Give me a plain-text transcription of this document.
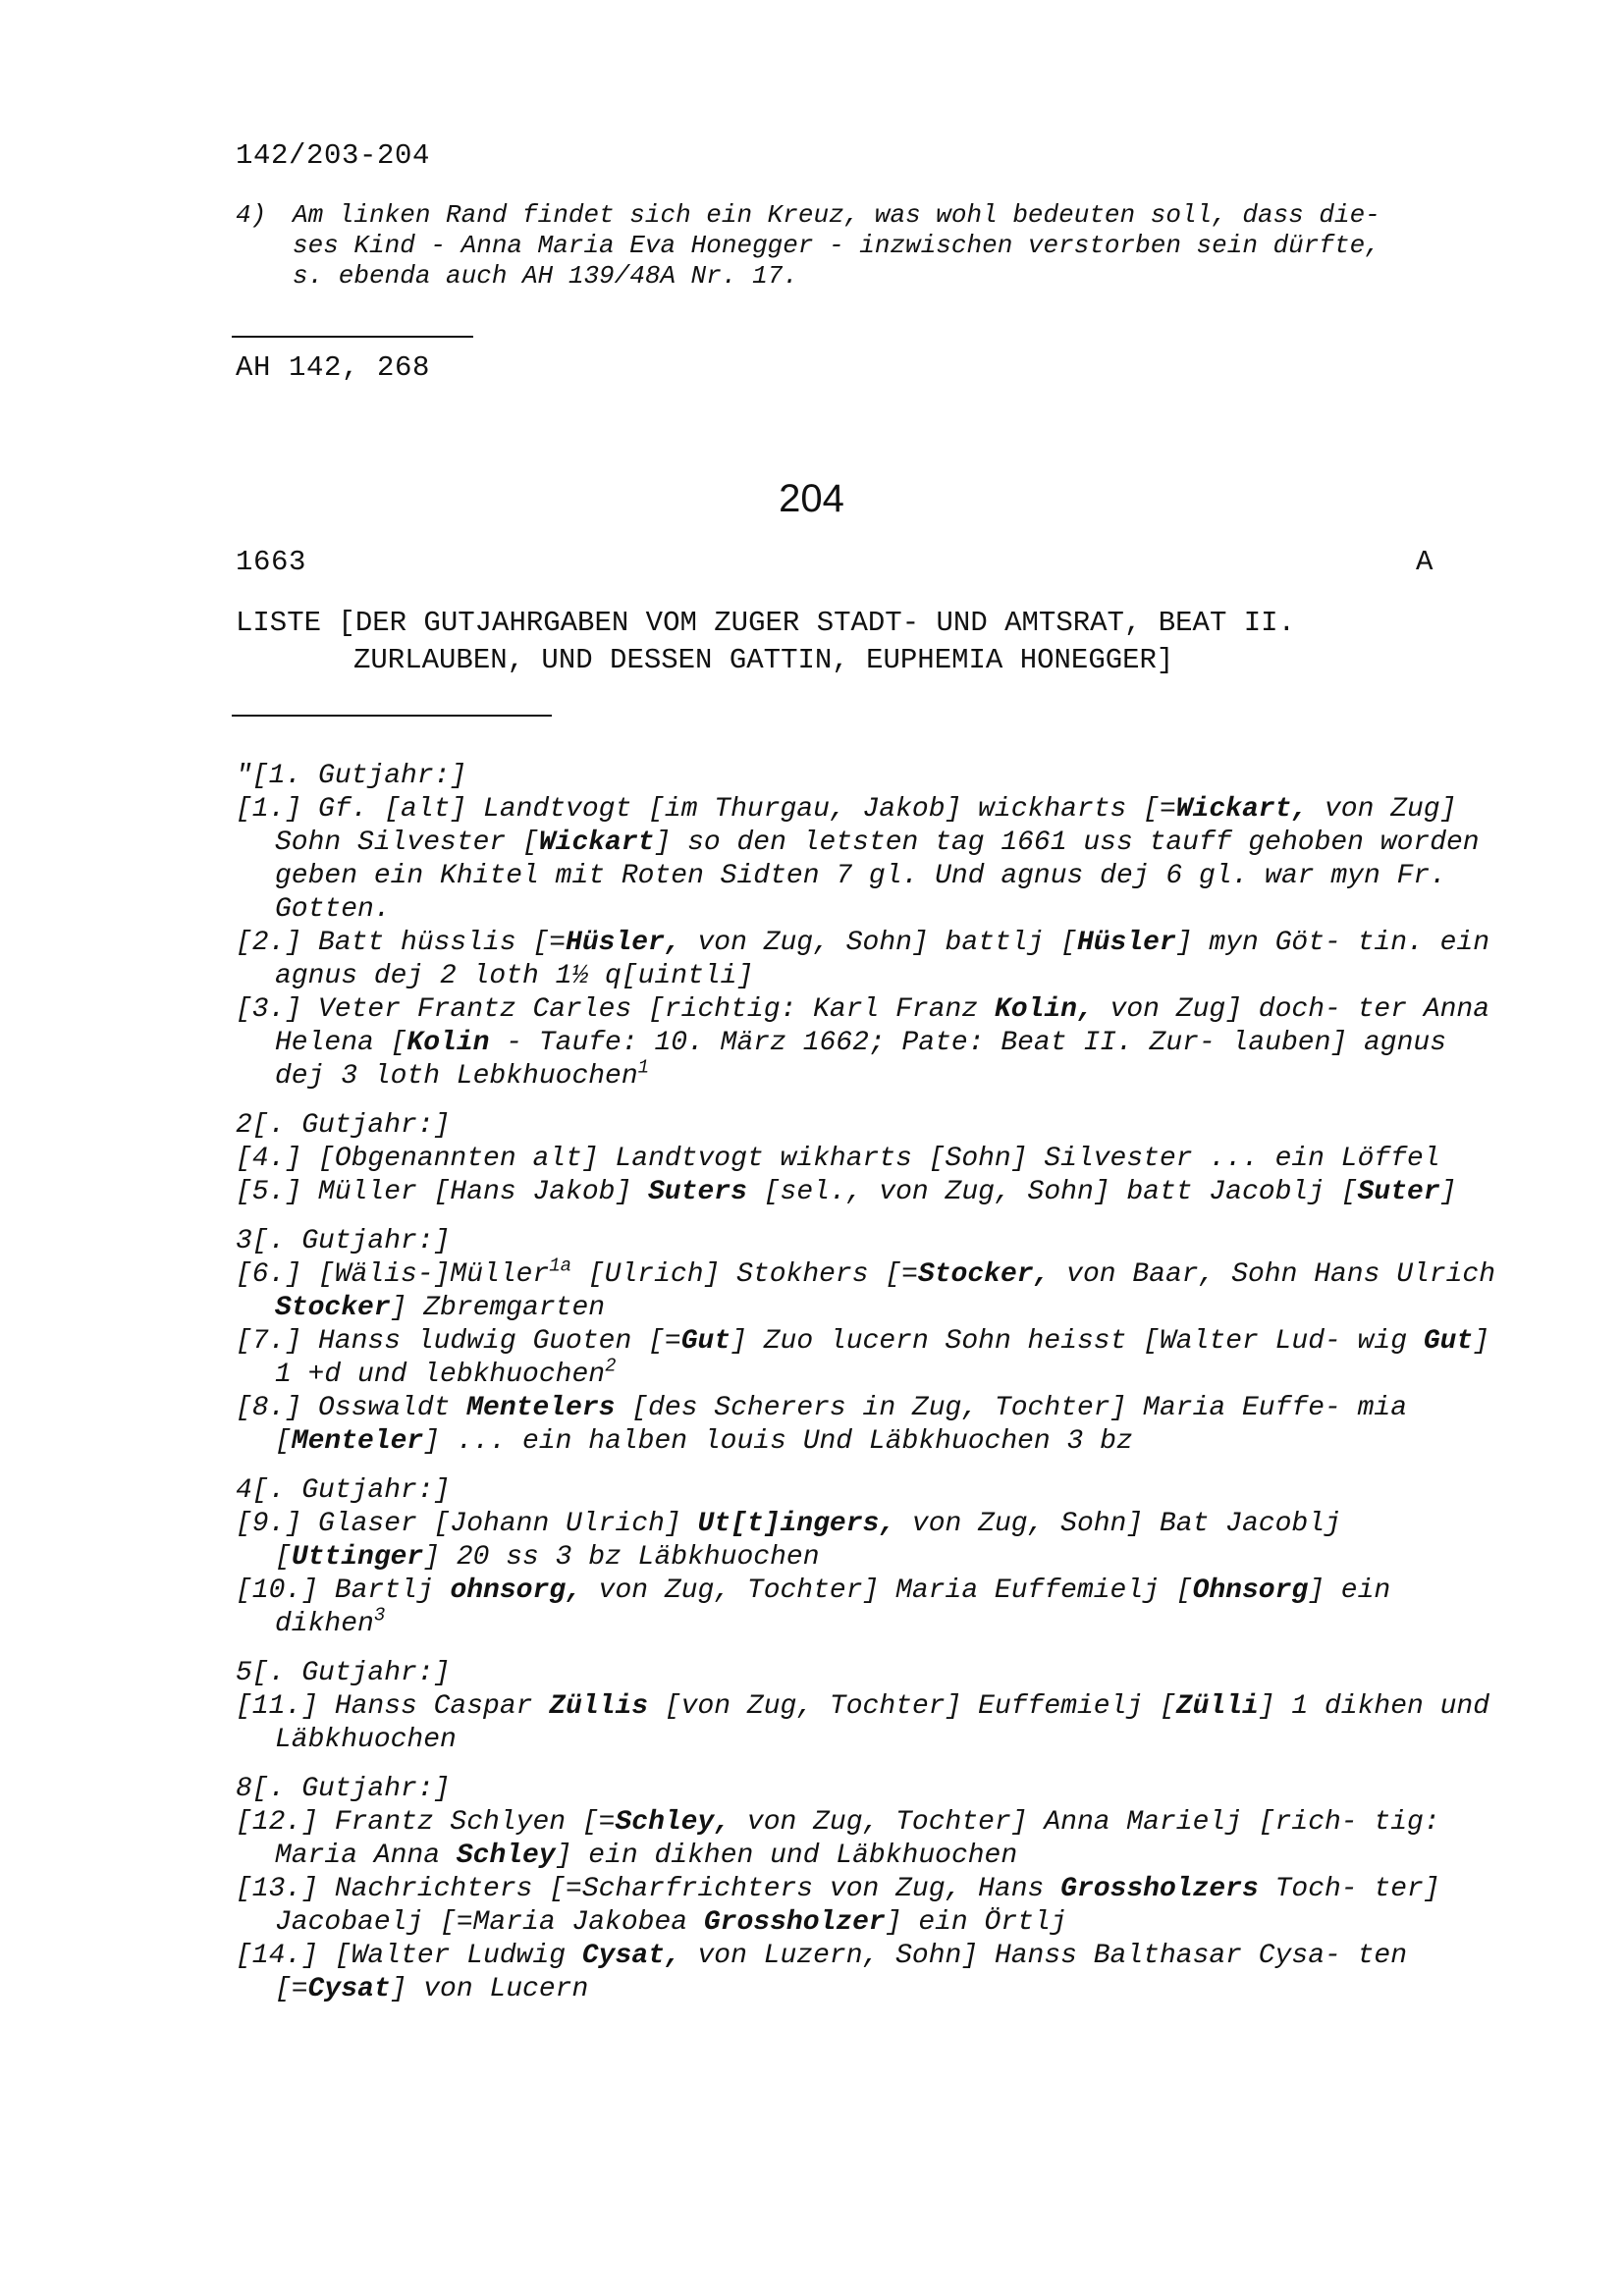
142/203-204
4) Am linken Rand findet sich ein Kreuz, was wohl bedeuten soll, dass die-
ses Kind - Anna Maria Eva Honegger - inzwischen verstorben sein dürfte,
s. ebenda auch AH 139/48A Nr. 17.
AH 142, 268
204
1663	A
LISTE [DER GUTJAHRGABEN VOM ZUGER STADT- UND AMTSRAT, BEAT II.
ZURLAUBEN, UND DESSEN GATTIN, EUPHEMIA HONEGGER]
"[1. Gutjahr:]
[1.] Gf. [alt] Landtvogt [im Thurgau, Jakob] wickharts [=Wickart, von Zug] Sohn Silvester [Wickart] so den letsten tag 1661 uss tauff gehoben worden geben ein Khitel mit Roten Sidten 7 gl. Und agnus dej 6 gl. war myn Fr. Gotten.
[2.] Batt hüsslis [=Hüsler, von Zug, Sohn] battlj [Hüsler] myn Göt- tin. ein agnus dej 2 loth 1½ q[uintli]
[3.] Veter Frantz Carles [richtig: Karl Franz Kolin, von Zug] doch- ter Anna Helena [Kolin - Taufe: 10. März 1662; Pate: Beat II. Zur- lauben] agnus dej 3 loth Lebkhuochen$^1$
2[. Gutjahr:]
[4.] [Obgenannten alt] Landtvogt wikharts [Sohn] Silvester ... ein Löffel
[5.] Müller [Hans Jakob] Suters [sel., von Zug, Sohn] batt Jacoblj [Suter]
3[. Gutjahr:]
[6.] [Wälis-]Müller$^{1a}$ [Ulrich] Stokhers [=Stocker, von Baar, Sohn Hans Ulrich Stocker] Zbremgarten
[7.] Hanss ludwig Guoten [=Gut] Zuo lucern Sohn heisst [Walter Lud- wig Gut] 1 +d und lebkhuochen$^2$
[8.] Osswaldt Mentelers [des Scherers in Zug, Tochter] Maria Euffe- mia [Menteler] ... ein halben louis Und Läbkhuochen 3 bz
4[. Gutjahr:]
[9.] Glaser [Johann Ulrich] Ut[t]ingers, von Zug, Sohn] Bat Jacoblj [Uttinger] 20 ss 3 bz Läbkhuochen
[10.] Bartlj ohnsorg, von Zug, Tochter] Maria Euffemielj [Ohnsorg] ein dikhen$^3$
5[. Gutjahr:]
[11.] Hanss Caspar Züllis [von Zug, Tochter] Euffemielj [Zülli] 1 dikhen und Läbkhuochen
8[. Gutjahr:]
[12.] Frantz Schlyen [=Schley, von Zug, Tochter] Anna Marielj [rich- tig: Maria Anna Schley] ein dikhen und Läbkhuochen
[13.] Nachrichters [=Scharfrichters von Zug, Hans Grossholzers Toch- ter] Jacobaelj [=Maria Jakobea Grossholzer] ein Örtlj
[14.] [Walter Ludwig Cysat, von Luzern, Sohn] Hanss Balthasar Cysa- ten [=Cysat] von Lucern
